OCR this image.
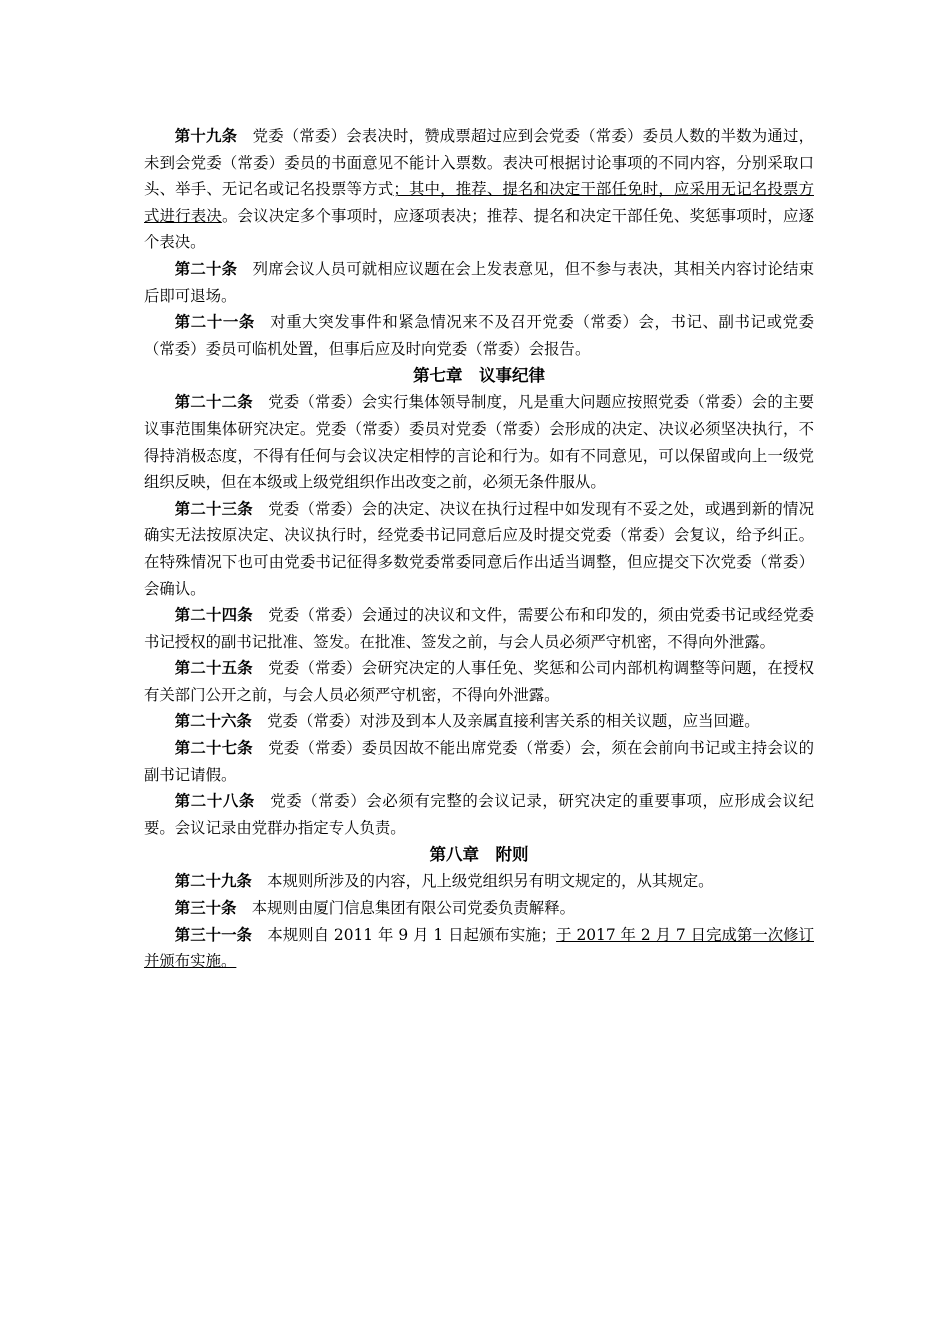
第十九条 党委（常委）会表决时，赞成票超过应到会党委（常委）委员人数的半数为通过，未到会党委（常委）委员的书面意见不能计入票数。表决可根据讨论事项的不同内容，分别采取口头、举手、无记名或记名投票等方式；其中，推荐、提名和决定干部任免时，应采用无记名投票方式进行表决。会议决定多个事项时，应逐项表决；推荐、提名和决定干部任免、奖惩事项时，应逐个表决。

第二十条 列席会议人员可就相应议题在会上发表意见，但不参与表决，其相关内容讨论结束后即可退场。

第二十一条 对重大突发事件和紧急情况来不及召开党委（常委）会，书记、副书记或党委（常委）委员可临机处置，但事后应及时向党委（常委）会报告。

第七章 议事纪律

第二十二条 党委（常委）会实行集体领导制度，凡是重大问题应按照党委（常委）会的主要议事范围集体研究决定。党委（常委）委员对党委（常委）会形成的决定、决议必须坚决执行，不得持消极态度，不得有任何与会议决定相悖的言论和行为。如有不同意见，可以保留或向上一级党组织反映，但在本级或上级党组织作出改变之前，必须无条件服从。

第二十三条 党委（常委）会的决定、决议在执行过程中如发现有不妥之处，或遇到新的情况确实无法按原决定、决议执行时，经党委书记同意后应及时提交党委（常委）会复议，给予纠正。在特殊情况下也可由党委书记征得多数党委常委同意后作出适当调整，但应提交下次党委（常委）会确认。

第二十四条 党委（常委）会通过的决议和文件，需要公布和印发的，须由党委书记或经党委书记授权的副书记批准、签发。在批准、签发之前，与会人员必须严守机密，不得向外泄露。

第二十五条 党委（常委）会研究决定的人事任免、奖惩和公司内部机构调整等问题，在授权有关部门公开之前，与会人员必须严守机密，不得向外泄露。

第二十六条 党委（常委）对涉及到本人及亲属直接利害关系的相关议题，应当回避。

第二十七条 党委（常委）委员因故不能出席党委（常委）会，须在会前向书记或主持会议的副书记请假。

第二十八条 党委（常委）会必须有完整的会议记录，研究决定的重要事项，应形成会议纪要。会议记录由党群办指定专人负责。

第八章 附则

第二十九条 本规则所涉及的内容，凡上级党组织另有明文规定的，从其规定。

第三十条 本规则由厦门信息集团有限公司党委负责解释。

第三十一条 本规则自 2011 年 9 月 1 日起颁布实施；于 2017 年 2 月 7 日完成第一次修订并颁布实施。
